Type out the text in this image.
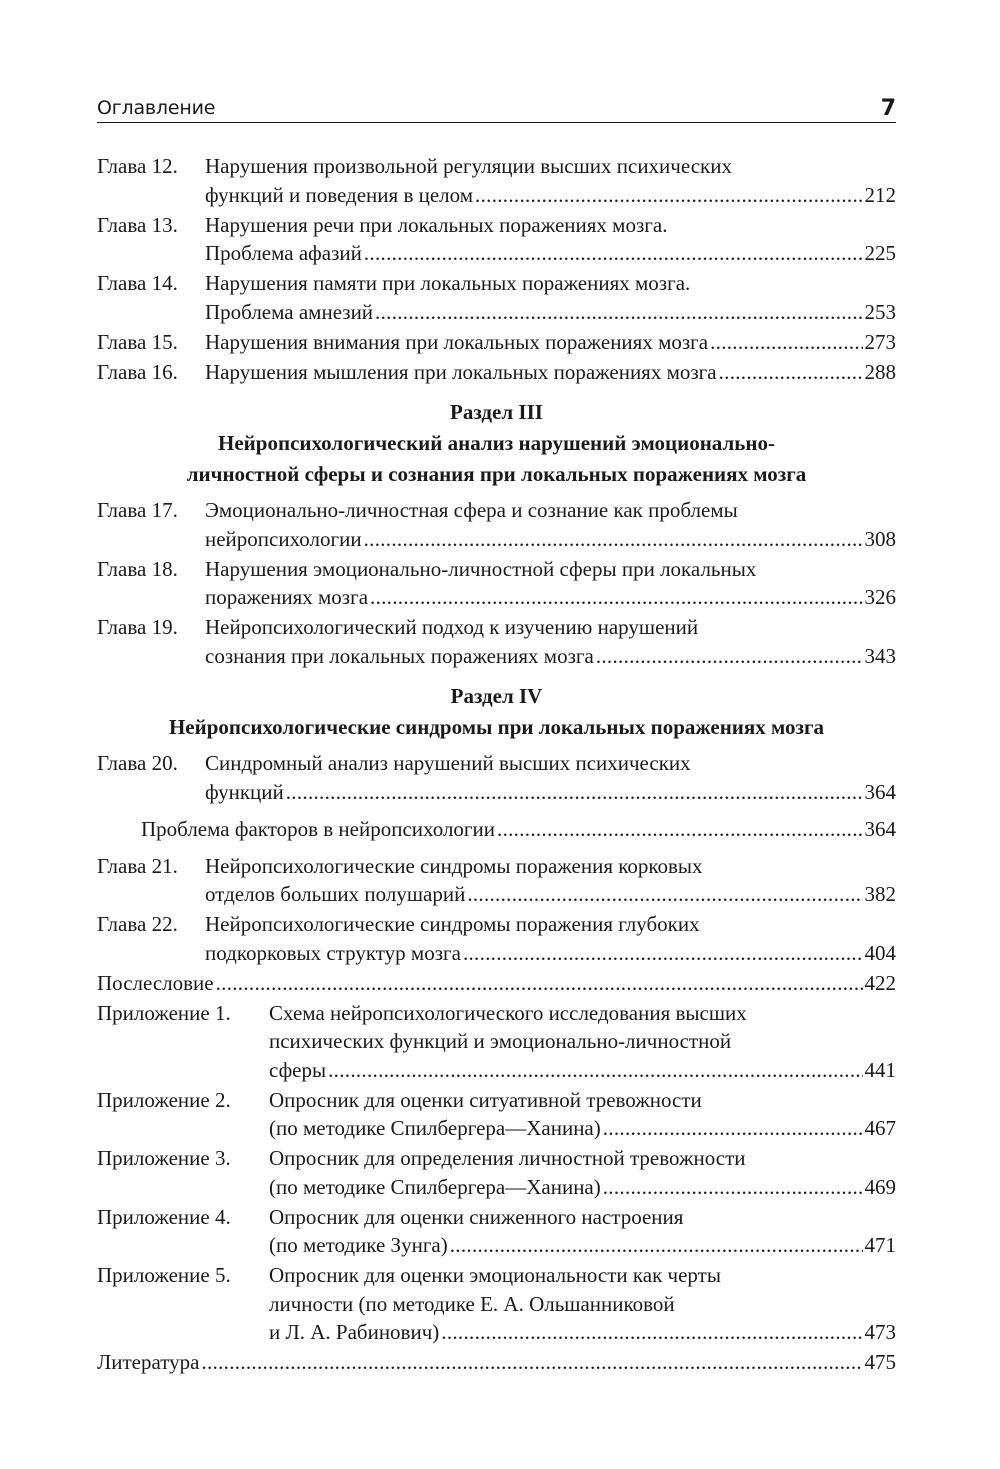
Оглавление	7
Глава 12.	Нарушения произвольной регуляции высших психических
функций и поведения в целом .....	212
Глава 13.	Нарушения речи при локальных поражениях мозга.
Проблема афазий .....	225
Глава 14.	Нарушения памяти при локальных поражениях мозга.
Проблема амнезий .....	253
Глава 15.	Нарушения внимания при локальных поражениях мозга .....	273
Глава 16.	Нарушения мышления при локальных поражениях мозга .....	288
Раздел III
Нейропсихологический анализ нарушений эмоционально-
личностной сферы и сознания при локальных поражениях мозга
Глава 17.	Эмоционально-личностная сфера и сознание как проблемы
нейропсихологии .....	308
Глава 18.	Нарушения эмоционально-личностной сферы при локальных
поражениях мозга .....	326
Глава 19.	Нейропсихологический подход к изучению нарушений
сознания при локальных поражениях мозга .....	343
Раздел IV
Нейропсихологические синдромы при локальных поражениях мозга
Глава 20.	Синдромный анализ нарушений высших психических
функций .....	364
Проблема факторов в нейропсихологии .....	364
Глава 21.	Нейропсихологические синдромы поражения корковых
отделов больших полушарий .....	382
Глава 22.	Нейропсихологические синдромы поражения глубоких
подкорковых структур мозга .....	404
Послесловие .....	422
Приложение 1.	Схема нейропсихологического исследования высших
психических функций и эмоционально-личностной
сферы .....	441
Приложение 2.	Опросник для оценки ситуативной тревожности
(по методике Спилбергера—Ханина) .....	467
Приложение 3.	Опросник для определения личностной тревожности
(по методике Спилбергера—Ханина) .....	469
Приложение 4.	Опросник для оценки сниженного настроения
(по методике Зунга) .....	471
Приложение 5.	Опросник для оценки эмоциональности как черты
личности (по методике Е. А. Ольшанниковой
и Л. А. Рабинович) .....	473
Литература .....	475
